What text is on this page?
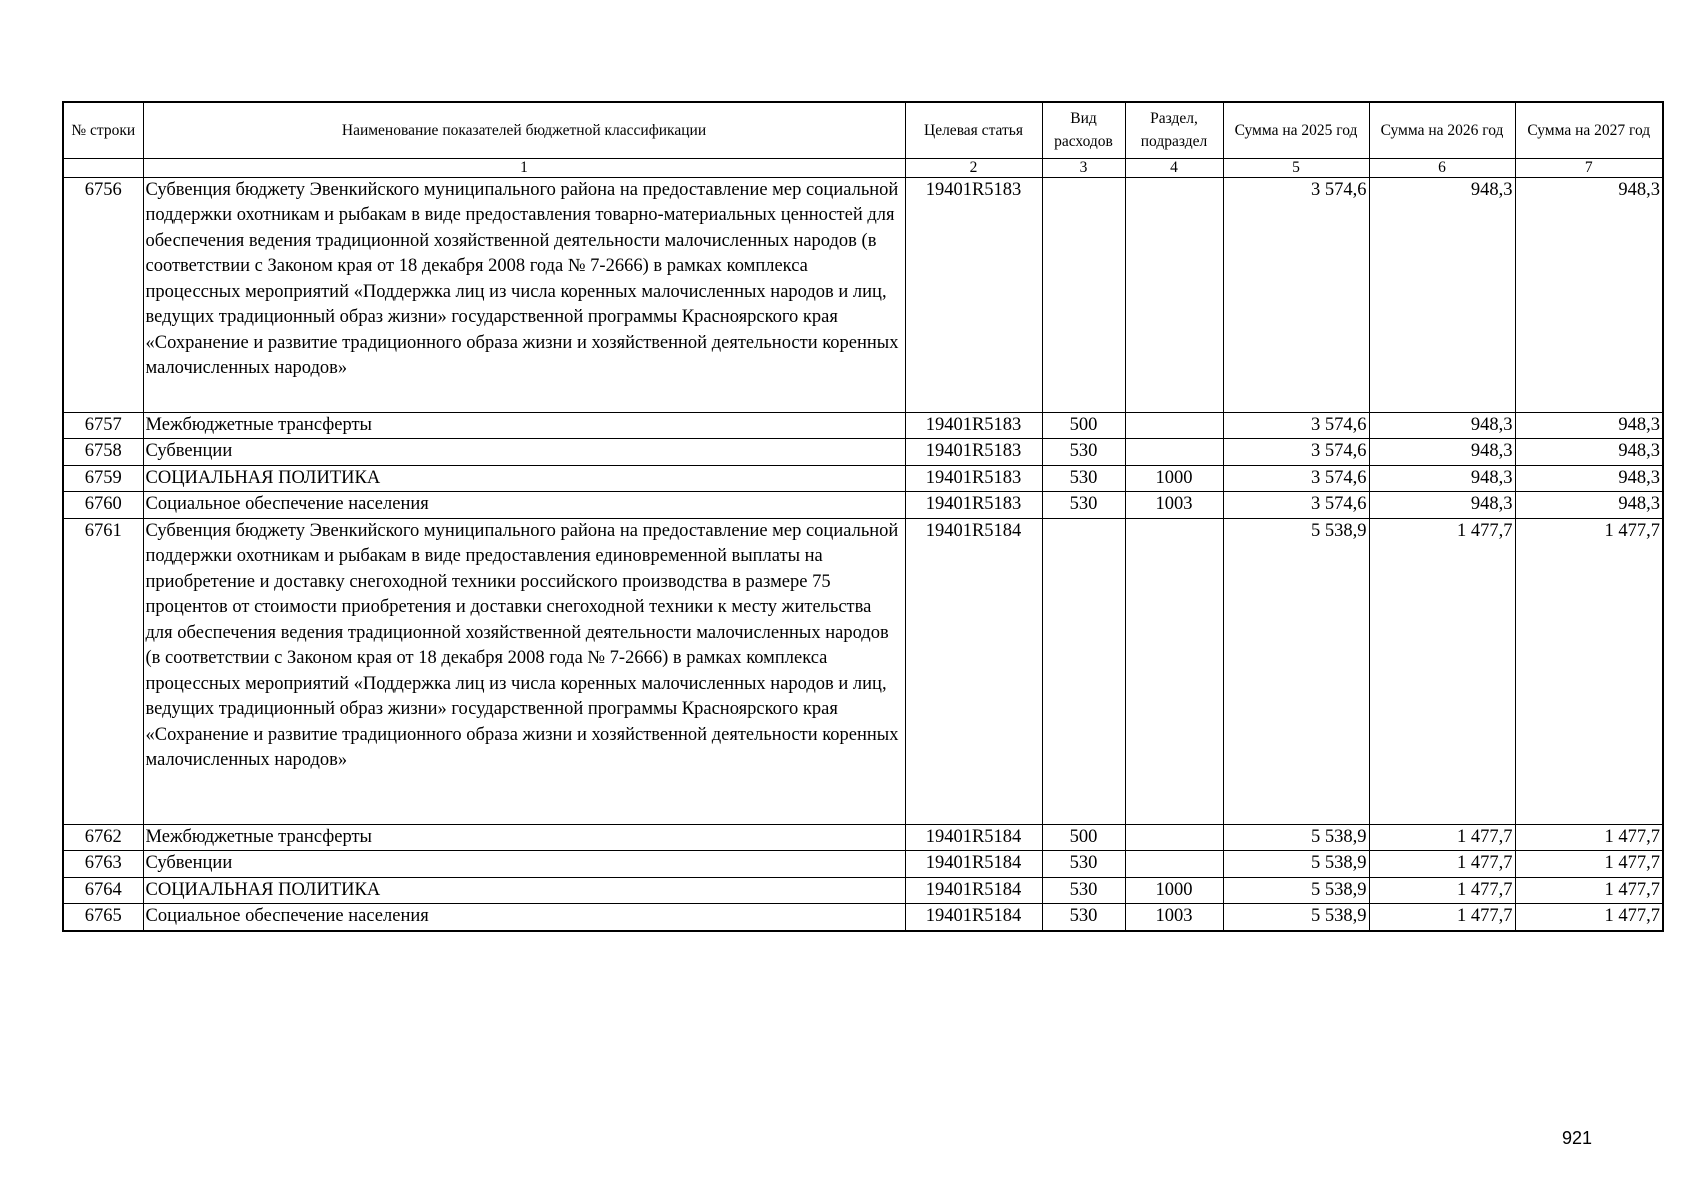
№ строки	Наименование показателей бюджетной классификации	Целевая статья	Вид расходов	Раздел, подраздел	Сумма на 2025 год	Сумма на 2026 год	Сумма на 2027 год
	1	2	3	4	5	6	7
6756	Субвенция бюджету Эвенкийского муниципального района на предоставление мер социальной поддержки охотникам и рыбакам в виде предоставления товарно-материальных ценностей для обеспечения ведения традиционной хозяйственной деятельности малочисленных народов (в соответствии с Законом края от 18 декабря 2008 года № 7-2666) в рамках комплекса процессных мероприятий «Поддержка лиц из числа коренных малочисленных народов и лиц, ведущих традиционный образ жизни» государственной программы Красноярского края «Сохранение и развитие традиционного образа жизни и хозяйственной деятельности коренных малочисленных народов»	19401R5183			3 574,6	948,3	948,3
6757	Межбюджетные трансферты	19401R5183	500		3 574,6	948,3	948,3
6758	Субвенции	19401R5183	530		3 574,6	948,3	948,3
6759	СОЦИАЛЬНАЯ ПОЛИТИКА	19401R5183	530	1000	3 574,6	948,3	948,3
6760	Социальное обеспечение населения	19401R5183	530	1003	3 574,6	948,3	948,3
6761	Субвенция бюджету Эвенкийского муниципального района на предоставление мер социальной поддержки охотникам и рыбакам в виде предоставления единовременной выплаты на приобретение и доставку снегоходной техники российского производства в размере 75 процентов от стоимости приобретения и доставки снегоходной техники к месту жительства для обеспечения ведения традиционной хозяйственной деятельности малочисленных народов (в соответствии с Законом края от 18 декабря 2008 года № 7-2666) в рамках комплекса процессных мероприятий «Поддержка лиц из числа коренных малочисленных народов и лиц, ведущих традиционный образ жизни» государственной программы Красноярского края «Сохранение и развитие традиционного образа жизни и хозяйственной деятельности коренных малочисленных народов»	19401R5184			5 538,9	1 477,7	1 477,7
6762	Межбюджетные трансферты	19401R5184	500		5 538,9	1 477,7	1 477,7
6763	Субвенции	19401R5184	530		5 538,9	1 477,7	1 477,7
6764	СОЦИАЛЬНАЯ ПОЛИТИКА	19401R5184	530	1000	5 538,9	1 477,7	1 477,7
6765	Социальное обеспечение населения	19401R5184	530	1003	5 538,9	1 477,7	1 477,7
921
